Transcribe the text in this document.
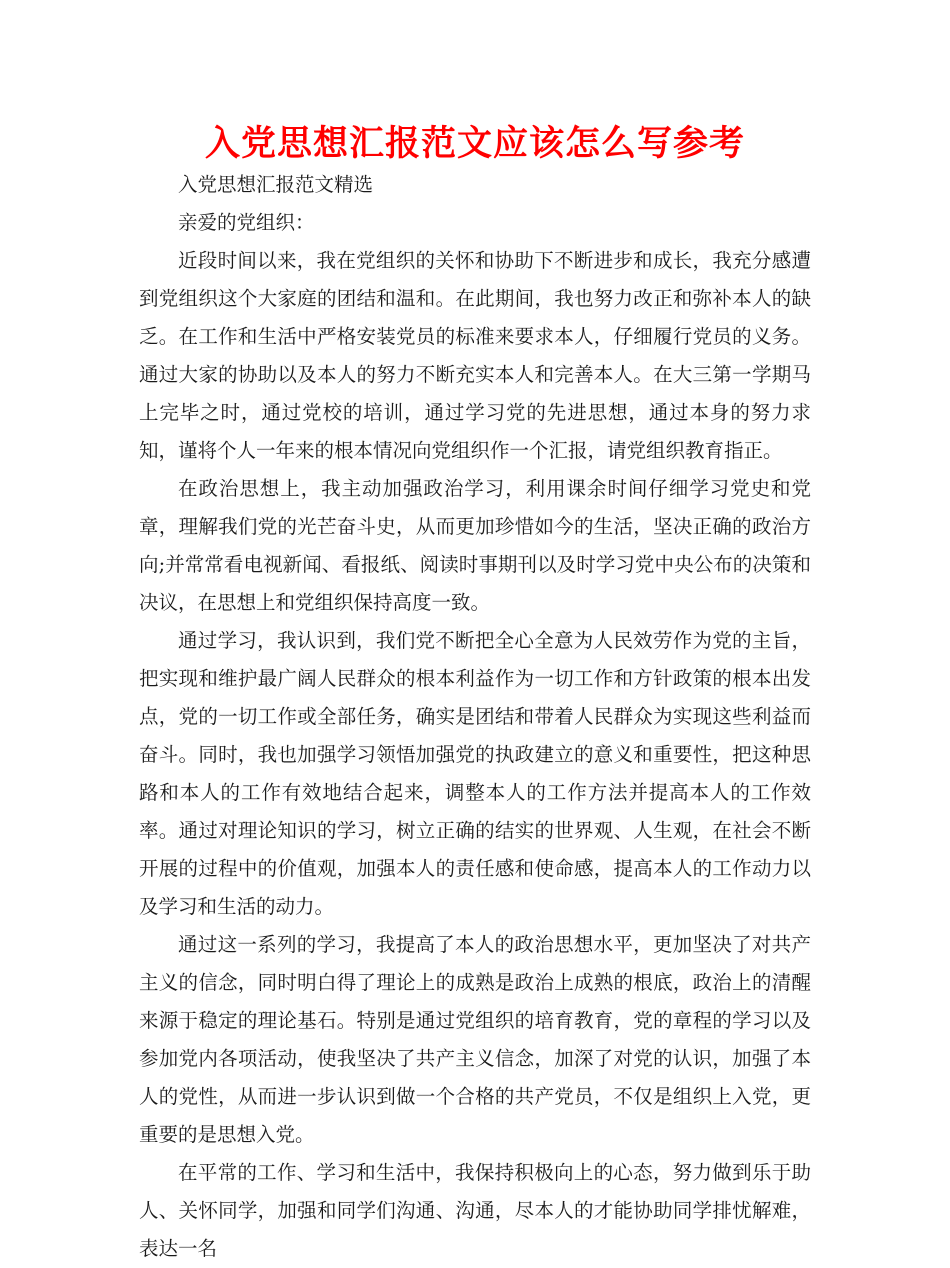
入党思想汇报范文应该怎么写参考

入党思想汇报范文精选

亲爱的党组织：

近段时间以来，我在党组织的关怀和协助下不断进步和成长，我充分感遭到党组织这个大家庭的团结和温和。在此期间，我也努力改正和弥补本人的缺乏。在工作和生活中严格安装党员的标准来要求本人，仔细履行党员的义务。通过大家的协助以及本人的努力不断充实本人和完善本人。在大三第一学期马上完毕之时，通过党校的培训，通过学习党的先进思想，通过本身的努力求知，谨将个人一年来的根本情况向党组织作一个汇报，请党组织教育指正。

在政治思想上，我主动加强政治学习，利用课余时间仔细学习党史和党章，理解我们党的光芒奋斗史，从而更加珍惜如今的生活，坚决正确的政治方向;并常常看电视新闻、看报纸、阅读时事期刊以及时学习党中央公布的决策和决议，在思想上和党组织保持高度一致。

通过学习，我认识到，我们党不断把全心全意为人民效劳作为党的主旨，把实现和维护最广阔人民群众的根本利益作为一切工作和方针政策的根本出发点，党的一切工作或全部任务，确实是团结和带着人民群众为实现这些利益而奋斗。同时，我也加强学习领悟加强党的执政建立的意义和重要性，把这种思路和本人的工作有效地结合起来，调整本人的工作方法并提高本人的工作效率。通过对理论知识的学习，树立正确的结实的世界观、人生观，在社会不断开展的过程中的价值观，加强本人的责任感和使命感，提高本人的工作动力以及学习和生活的动力。

通过这一系列的学习，我提高了本人的政治思想水平，更加坚决了对共产主义的信念，同时明白得了理论上的成熟是政治上成熟的根底，政治上的清醒来源于稳定的理论基石。特别是通过党组织的培育教育，党的章程的学习以及参加党内各项活动，使我坚决了共产主义信念，加深了对党的认识，加强了本人的党性，从而进一步认识到做一个合格的共产党员，不仅是组织上入党，更重要的是思想入党。

在平常的工作、学习和生活中，我保持积极向上的心态，努力做到乐于助人、关怀同学，加强和同学们沟通、沟通，尽本人的才能协助同学排忧解难，表达一名
